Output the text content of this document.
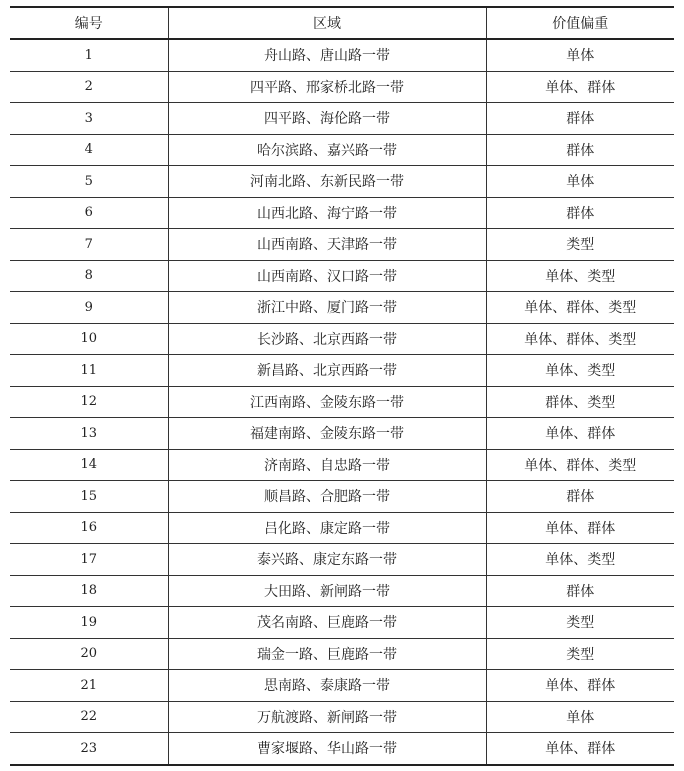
编号	区域	价值偏重
1	舟山路、唐山路一带	单体
2	四平路、邢家桥北路一带	单体、群体
3	四平路、海伦路一带	群体
4	哈尔滨路、嘉兴路一带	群体
5	河南北路、东新民路一带	单体
6	山西北路、海宁路一带	群体
7	山西南路、天津路一带	类型
8	山西南路、汉口路一带	单体、类型
9	浙江中路、厦门路一带	单体、群体、类型
10	长沙路、北京西路一带	单体、群体、类型
11	新昌路、北京西路一带	单体、类型
12	江西南路、金陵东路一带	群体、类型
13	福建南路、金陵东路一带	单体、群体
14	济南路、自忠路一带	单体、群体、类型
15	顺昌路、合肥路一带	群体
16	吕化路、康定路一带	单体、群体
17	泰兴路、康定东路一带	单体、类型
18	大田路、新闸路一带	群体
19	茂名南路、巨鹿路一带	类型
20	瑞金一路、巨鹿路一带	类型
21	思南路、泰康路一带	单体、群体
22	万航渡路、新闸路一带	单体
23	曹家堰路、华山路一带	单体、群体
